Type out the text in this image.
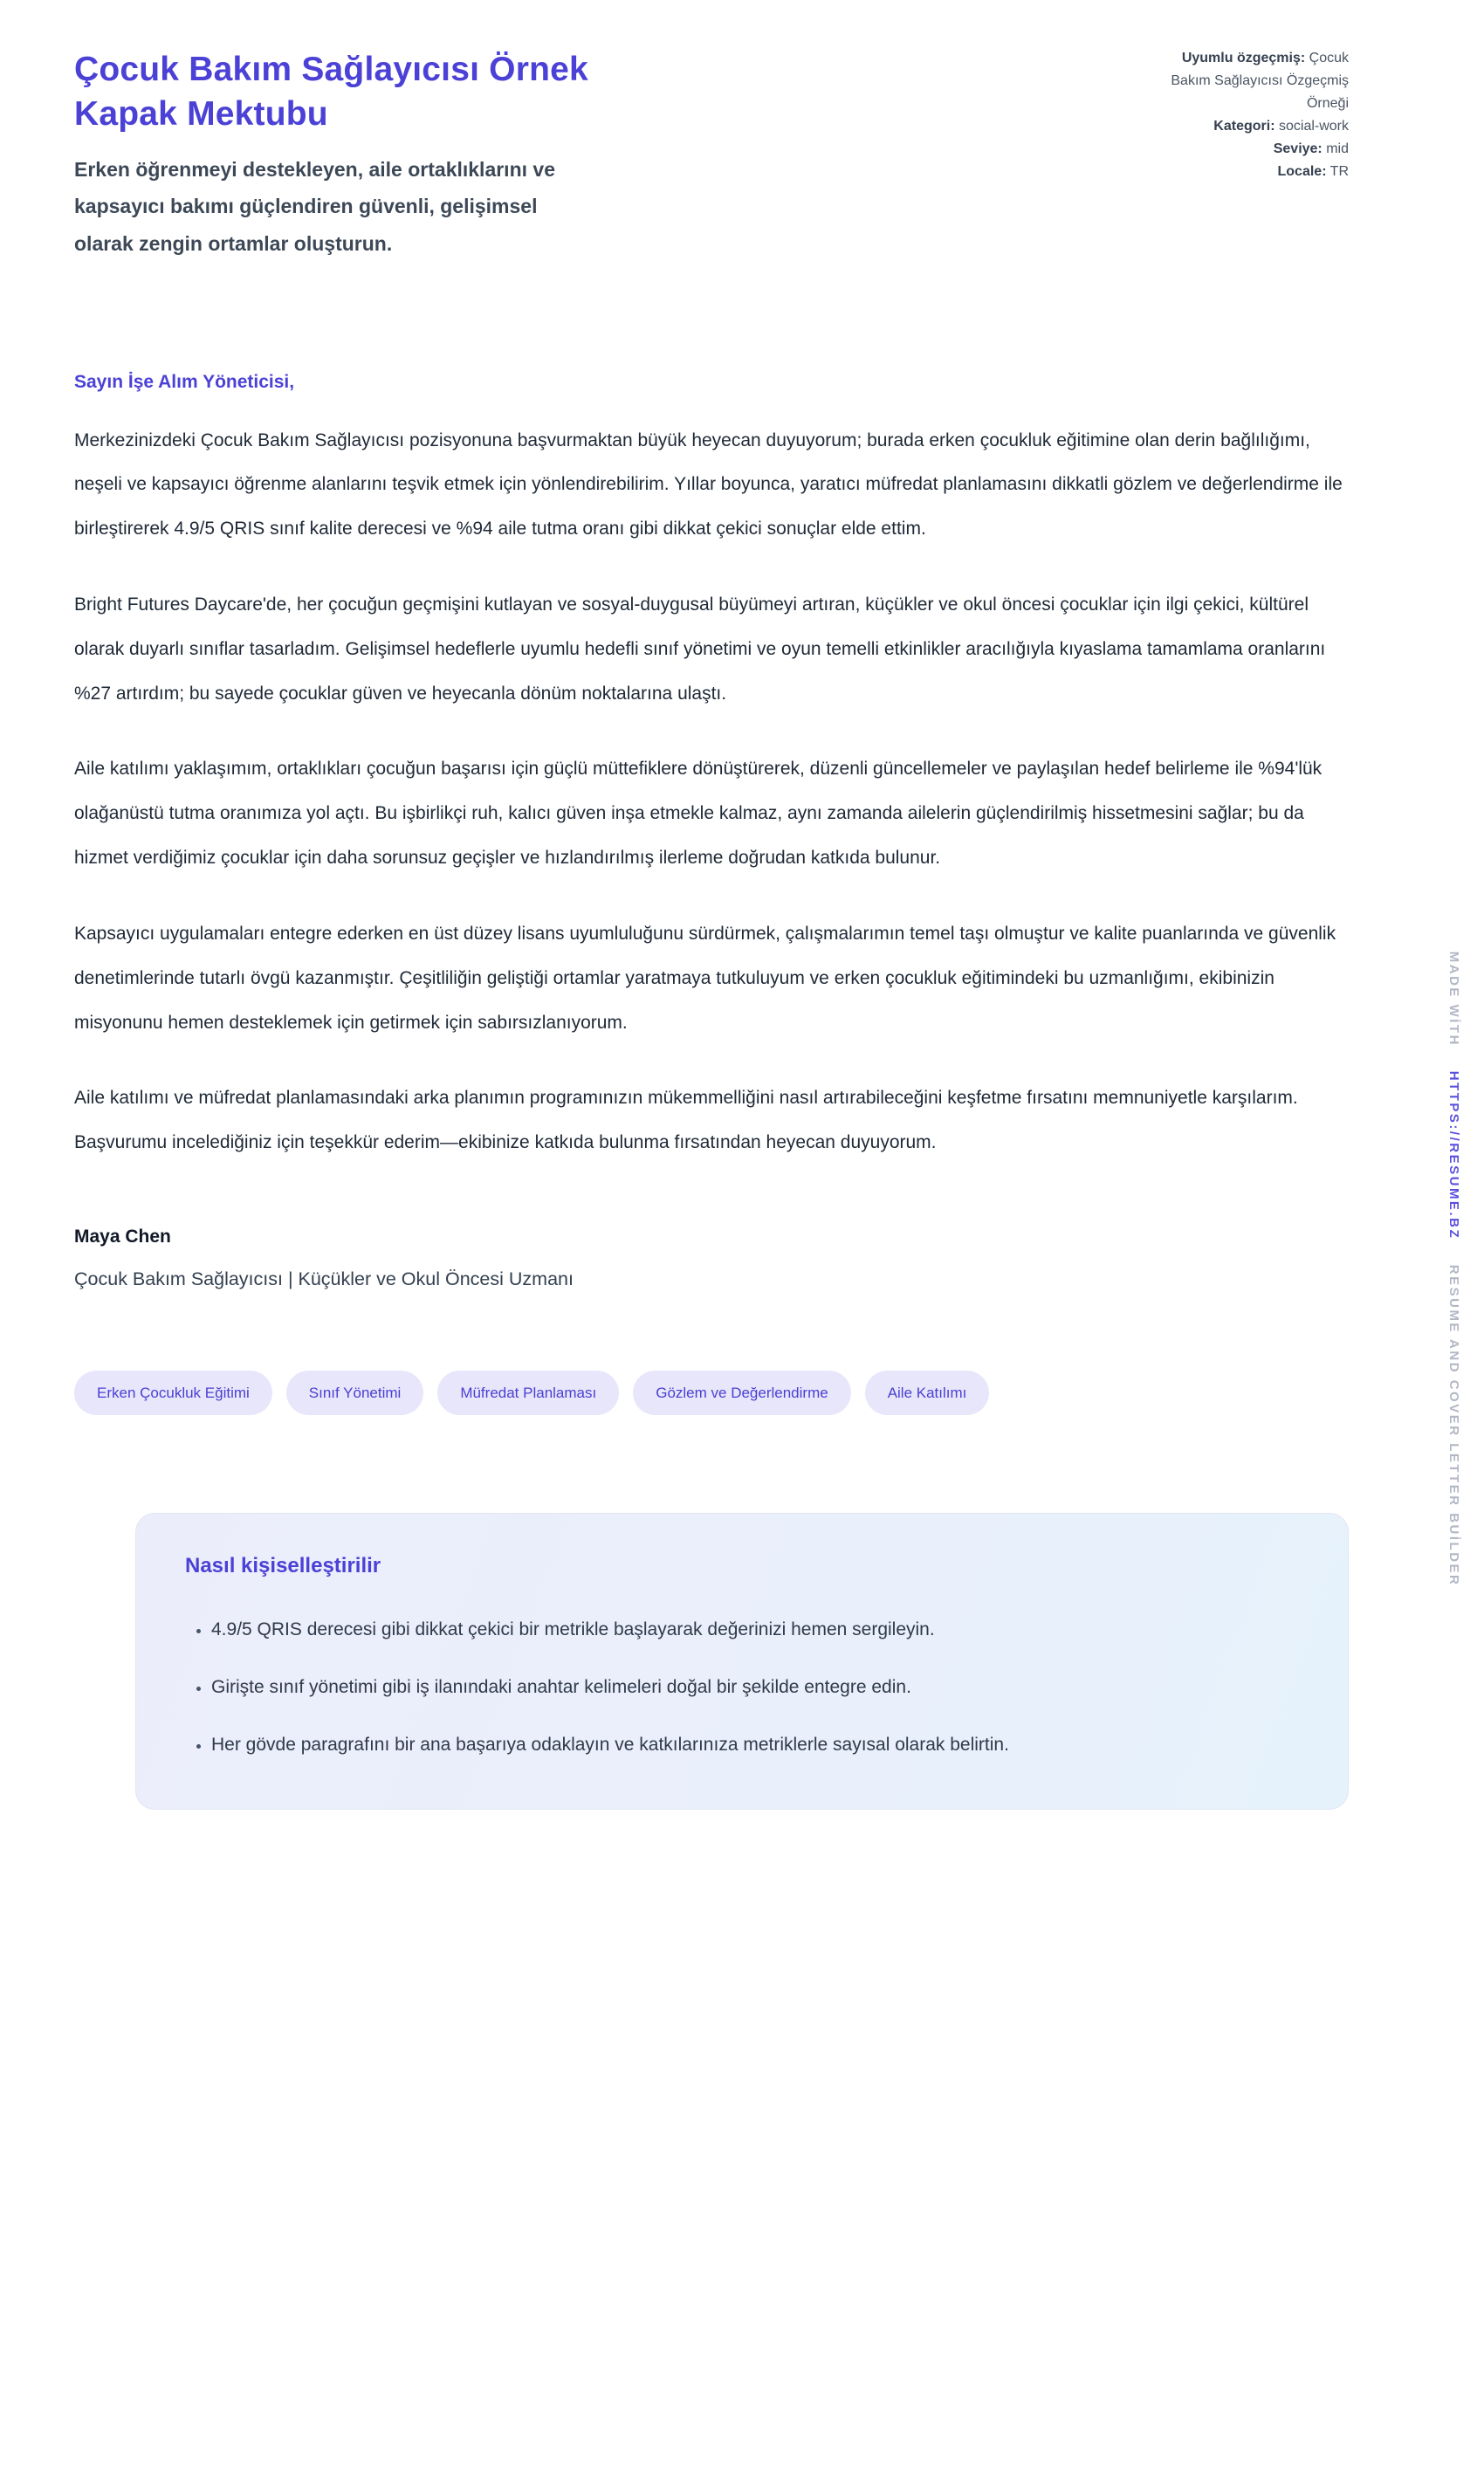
Çocuk Bakım Sağlayıcısı Örnek Kapak Mektubu

Erken öğrenmeyi destekleyen, aile ortaklıklarını ve kapsayıcı bakımı güçlendiren güvenli, gelişimsel olarak zengin ortamlar oluşturun.

Uyumlu özgeçmiş: Çocuk Bakım Sağlayıcısı Özgeçmiş Örneği
Kategori: social-work
Seviye: mid
Locale: TR

Sayın İşe Alım Yöneticisi,

Merkezinizdeki Çocuk Bakım Sağlayıcısı pozisyonuna başvurmaktan büyük heyecan duyuyorum; burada erken çocukluk eğitimine olan derin bağlılığımı, neşeli ve kapsayıcı öğrenme alanlarını teşvik etmek için yönlendirebilirim. Yıllar boyunca, yaratıcı müfredat planlamasını dikkatli gözlem ve değerlendirme ile birleştirerek 4.9/5 QRIS sınıf kalite derecesi ve %94 aile tutma oranı gibi dikkat çekici sonuçlar elde ettim.

Bright Futures Daycare'de, her çocuğun geçmişini kutlayan ve sosyal-duygusal büyümeyi artıran, küçükler ve okul öncesi çocuklar için ilgi çekici, kültürel olarak duyarlı sınıflar tasarladım. Gelişimsel hedeflerle uyumlu hedefli sınıf yönetimi ve oyun temelli etkinlikler aracılığıyla kıyaslama tamamlama oranlarını %27 artırdım; bu sayede çocuklar güven ve heyecanla dönüm noktalarına ulaştı.

Aile katılımı yaklaşımım, ortaklıkları çocuğun başarısı için güçlü müttefiklere dönüştürerek, düzenli güncellemeler ve paylaşılan hedef belirleme ile %94'lük olağanüstü tutma oranımıza yol açtı. Bu işbirlikçi ruh, kalıcı güven inşa etmekle kalmaz, aynı zamanda ailelerin güçlendirilmiş hissetmesini sağlar; bu da hizmet verdiğimiz çocuklar için daha sorunsuz geçişler ve hızlandırılmış ilerleme doğrudan katkıda bulunur.

Kapsayıcı uygulamaları entegre ederken en üst düzey lisans uyumluluğunu sürdürmek, çalışmalarımın temel taşı olmuştur ve kalite puanlarında ve güvenlik denetimlerinde tutarlı övgü kazanmıştır. Çeşitliliğin geliştiği ortamlar yaratmaya tutkuluyum ve erken çocukluk eğitimindeki bu uzmanlığımı, ekibinizin misyonunu hemen desteklemek için getirmek için sabırsızlanıyorum.

Aile katılımı ve müfredat planlamasındaki arka planımın programınızın mükemmelliğini nasıl artırabileceğini keşfetme fırsatını memnuniyetle karşılarım. Başvurumu incelediğiniz için teşekkür ederim—ekibinize katkıda bulunma fırsatından heyecan duyuyorum.

Maya Chen

Çocuk Bakım Sağlayıcısı | Küçükler ve Okul Öncesi Uzmanı

Erken Çocukluk Eğitimi	Sınıf Yönetimi	Müfredat Planlaması	Gözlem ve Değerlendirme	Aile Katılımı
Nasıl kişiselleştirilir
• 4.9/5 QRIS derecesi gibi dikkat çekici bir metrikle başlayarak değerinizi hemen sergileyin.
• Girişte sınıf yönetimi gibi iş ilanındaki anahtar kelimeleri doğal bir şekilde entegre edin.
• Her gövde paragrafını bir ana başarıya odaklayın ve katkılarınıza metriklerle sayısal olarak belirtin.
MADE WİTH HTTPS://RESUME.BZ RESUME AND COVER LETTER BUİLDER
